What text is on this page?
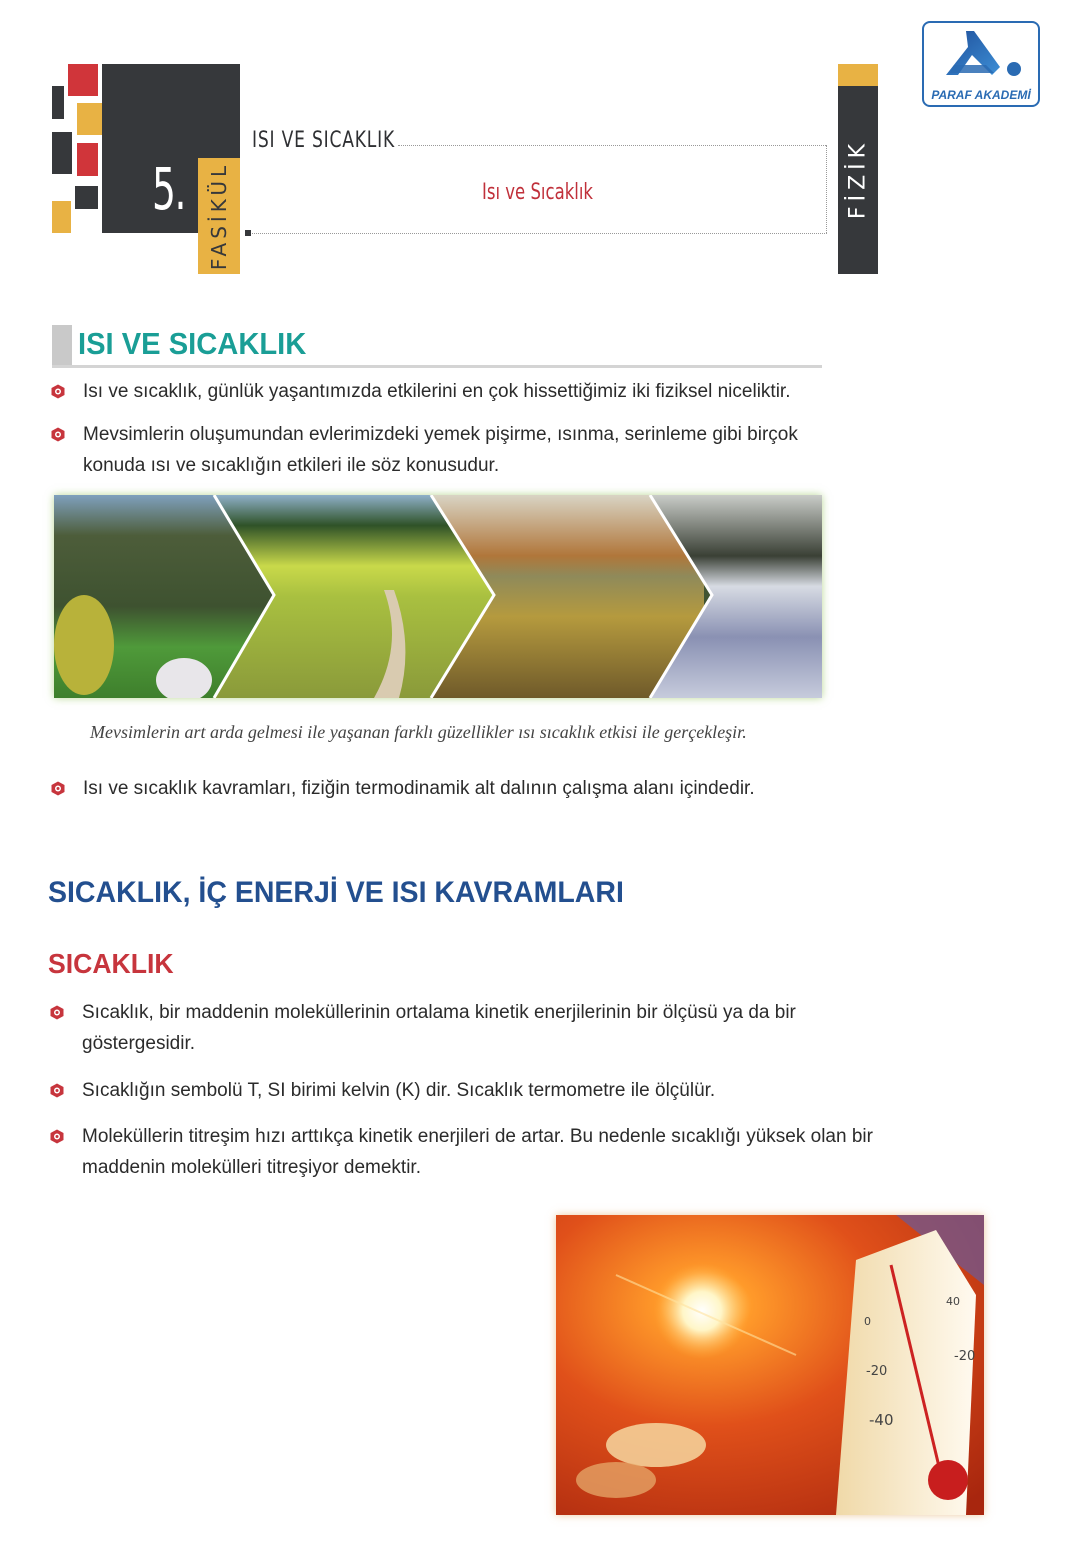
5. FASİKÜL
ISI VE SICAKLIK
Isı ve Sıcaklık	FİZİK
PARAF AKADEMİ
ISI VE SICAKLIK
Isı ve sıcaklık, günlük yaşantımızda etkilerini en çok hissettiğimiz iki fiziksel niceliktir.
Mevsimlerin oluşumundan evlerimizdeki yemek pişirme, ısınma, serinleme gibi birçok konuda ısı ve sıcaklığın etkileri ile söz konusudur.
Mevsimlerin art arda gelmesi ile yaşanan farklı güzellikler ısı sıcaklık etkisi ile gerçekleşir.
Isı ve sıcaklık kavramları, fiziğin termodinamik alt dalının çalışma alanı içindedir.
SICAKLIK, İÇ ENERJİ VE ISI KAVRAMLARI
SICAKLIK
Sıcaklık, bir maddenin moleküllerinin ortalama kinetik enerjilerinin bir ölçüsü ya da bir göstergesidir.
Sıcaklığın sembolü T, SI birimi kelvin (K) dir. Sıcaklık termometre ile ölçülür.
Moleküllerin titreşim hızı arttıkça kinetik enerjileri de artar. Bu nedenle sıcaklığı yüksek olan bir maddenin molekülleri titreşiyor demektir.
0
-20
-40
40
-20
